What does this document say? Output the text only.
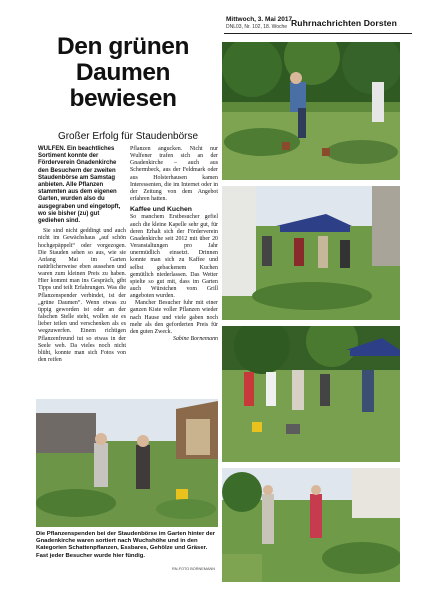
Mittwoch, 3. Mai 2017
DNL03, Nr. 102, 18. Woche Ruhrnachrichten Dorsten
Den grünen Daumen bewiesen
Großer Erfolg für Staudenbörse

WULFEN. Ein beachtliches Sortiment konnte der Förderverein Gnadenkirche den Besuchern der zweiten Staudenbörse am Samstag anbieten. Alle Pflanzen stammten aus dem eigenen Garten, wurden also du ausgegraben und eingetopft, wo sie bisher (zu) gut gediehen sind.

Sie sind nicht geddingt und auch nicht im Gewächshaus „auf schön hochgepäppelt“ oder vorgezogen. Die Stauden sehen so aus, wie sie Anfang Mai im Garten natürlicherweise eben aussehen und waren zum kleinen Preis zu haben. Hier kommt man ins Gespräch, gibt Tipps und teilt Erfahrungen. Was die Pflanzenspender verbindet, ist der „grüne Daumen“. Wenn etwas zu üppig geworden ist oder an der falschen Stelle steht, wollen sie es lieber teilen und verschenken als es wegzuwerfen. Einem richtigen Pflanzenfreund tut so etwas in der Seele weh. Da vieles noch nicht blüht, konnte man sich Fotos von den reifen

Pflanzen angucken. Nicht nur Wulfener trafen sich an der Gnadenkirche – auch aus Schermbeck, aus der Feldmark oder aus Holsterhausen kamen Interessenten, die im Internet oder in der Zeitung von dem Angebot erfahren hatten.

Kaffee und Kuchen

So manchem Erstbesucher gefiel auch die kleine Kapelle sehr gut, für deren Erhalt sich der Förderverein Gnadenkirche seit 2012 mit über 20 Veranstaltungen pro Jahr unermüdlich einsetzt. Drinnen konnte man sich zu Kaffee und selbst gebackenem Kuchen gemütlich niederlassen. Das Wetter spielte so gut mit, dass im Garten auch Würstchen vom Grill angeboten wurden.

Mancher Besucher fuhr mit einer ganzen Kiste voller Pflanzen wieder nach Hause und viele gaben noch mehr als den geforderten Preis für den guten Zweck.

Sabine Bornemann
Die Pflanzenspenden bei der Staudenbörse im Garten hinter der Gnadenkirche waren sortiert nach Wuchshöhe und in den Kategorien Schattenpflanzen, Essbares, Gehölze und Gräser. Fast jeder Besucher wurde hier fündig.
RN-FOTO BORNEMANN
